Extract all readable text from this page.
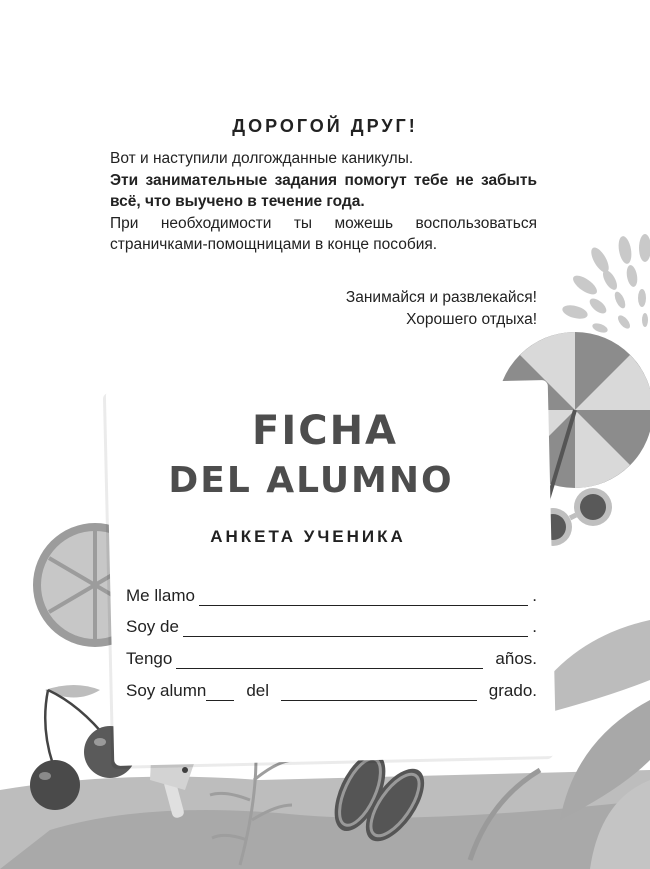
ДОРОГОЙ ДРУГ!

Вот и наступили долгожданные каникулы.

Эти занимательные задания помогут тебе не забыть всё, что выучено в течение года.

При необходимости ты можешь воспользоваться страничками-помощницами в конце пособия.

Занимайся и развлекайся!
Хорошего отдыха!
FICHA
DEL ALUMNO
АНКЕТА УЧЕНИКА
Me llamo	.
Soy de	.
Tengo	años.
Soy alumn del	grado.
